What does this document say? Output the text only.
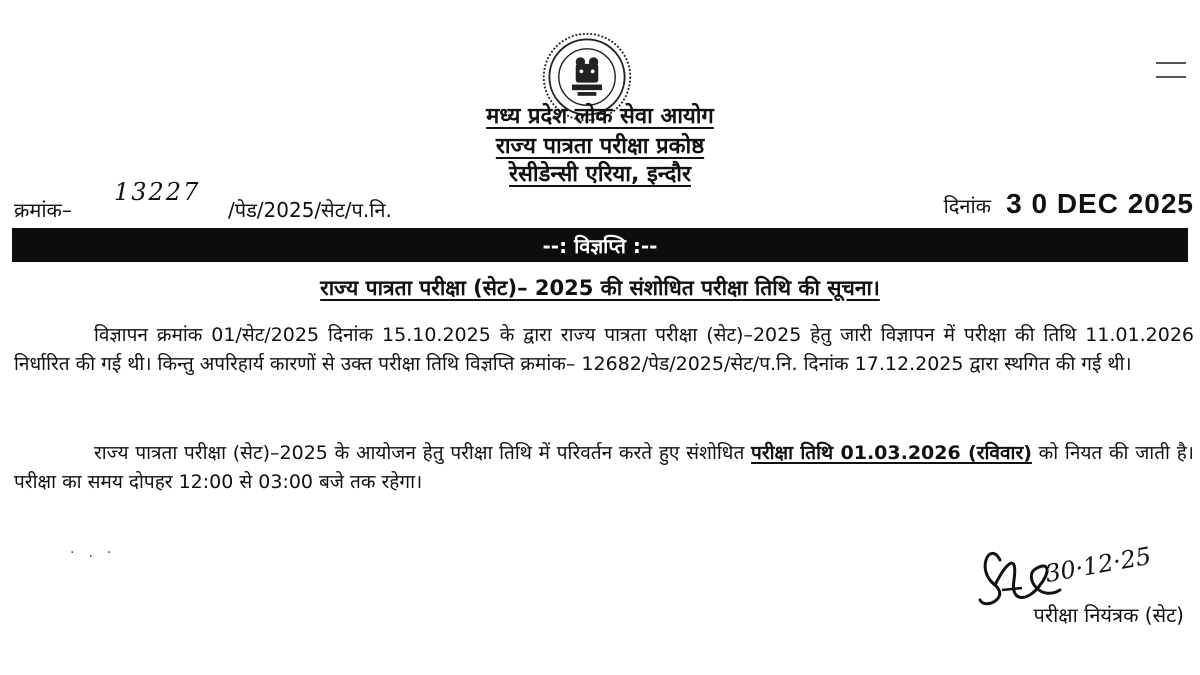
मध्य प्रदेश लोक सेवा आयोग
राज्य पात्रता परीक्षा प्रकोष्ठ
रेसीडेन्सी एरिया, इन्दौर
क्रमांक–
13227
/पेड/2025/सेट/प.नि.	दिनांक 3 0 DEC 2025
--: विज्ञप्ति :--
राज्य पात्रता परीक्षा (सेट)– 2025 की संशोधित परीक्षा तिथि की सूचना।
विज्ञापन क्रमांक 01/सेट/2025 दिनांक 15.10.2025 के द्वारा राज्य पात्रता परीक्षा (सेट)–2025 हेतु जारी विज्ञापन में परीक्षा की तिथि 11.01.2026 निर्धारित की गई थी। किन्तु अपरिहार्य कारणों से उक्त परीक्षा तिथि विज्ञप्ति क्रमांक– 12682/पेड/2025/सेट/प.नि. दिनांक 17.12.2025 द्वारा स्थगित की गई थी।
राज्य पात्रता परीक्षा (सेट)–2025 के आयोजन हेतु परीक्षा तिथि में परिवर्तन करते हुए संशोधित परीक्षा तिथि 01.03.2026 (रविवार) को नियत की जाती है। परीक्षा का समय दोपहर 12:00 से 03:00 बजे तक रहेगा।
·.·	30·12·25
परीक्षा नियंत्रक (सेट)
